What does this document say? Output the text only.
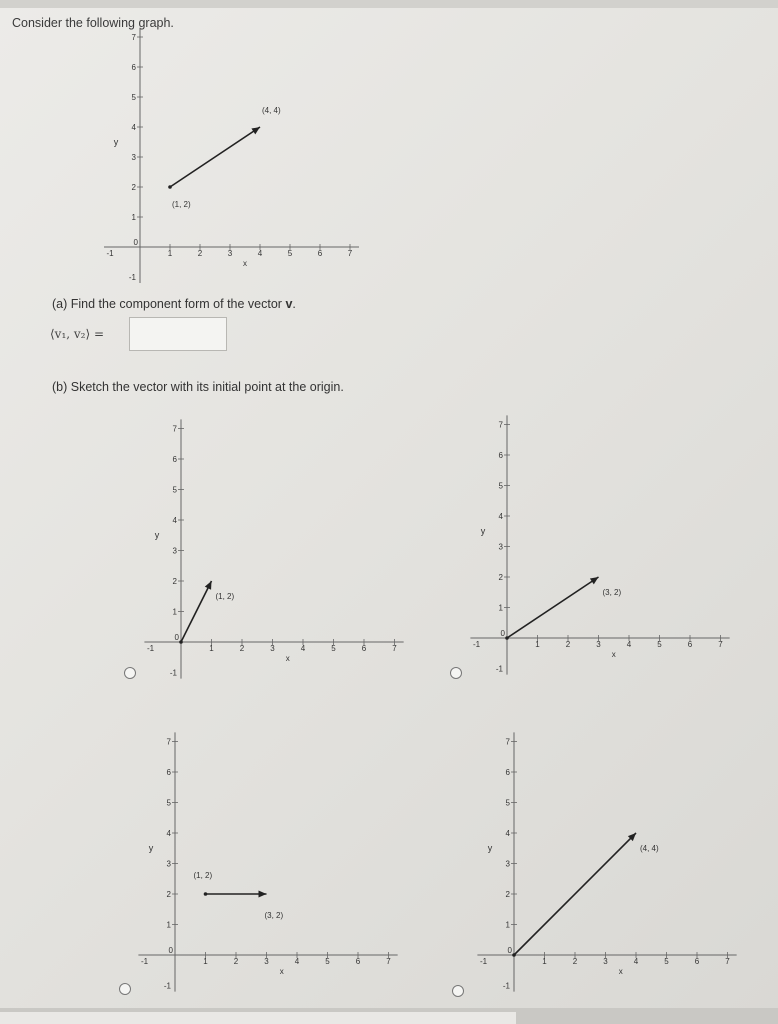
Consider the following graph.
-1	1	2	3	4	5	6	7
-1
1
2
3
4
5
6
7
0
x
y
(1, 2)
(4, 4)
(a) Find the component form of the vector v.
⟨v₁, v₂⟩ =
(b) Sketch the vector with its initial point at the origin.
-1	1	2	3	4	5	6	7
-1
1
2
3
4
5
6
7
0
x
y
(1, 2)
-1	1	2	3	4	5	6	7
-1
1
2
3
4
5
6
7
0
x
y
(3, 2)
-1	1	2	3	4	5	6	7
-1
1
2
3
4
5
6
7
0
x
y
(1, 2)
(3, 2)
-1	1	2	3	4	5	6	7
-1
1
2
3
4
5
6
7
0
x
y	(4, 4)
